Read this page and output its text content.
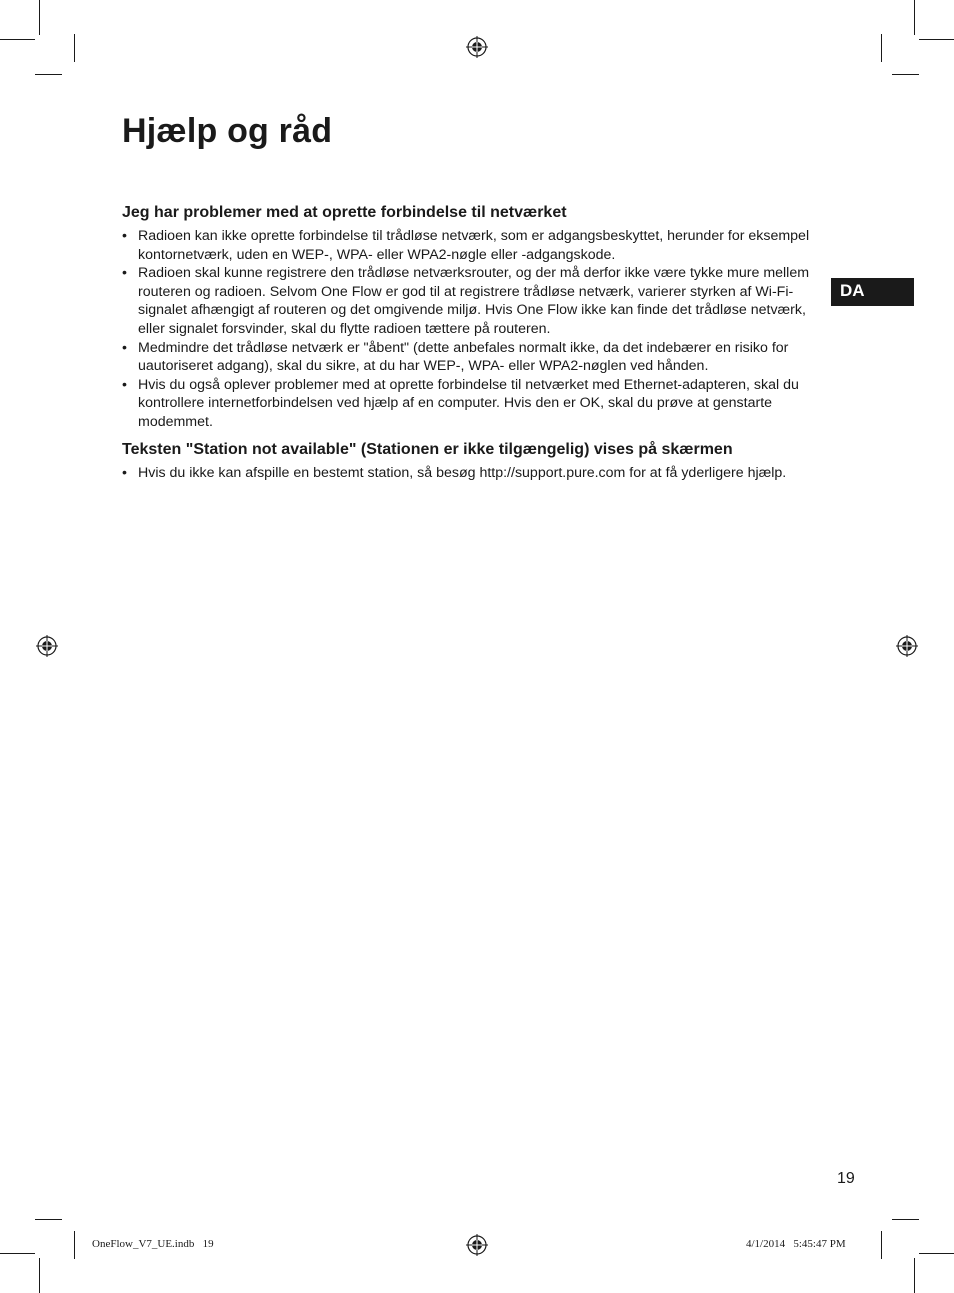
Hjælp og råd
DA
Jeg har problemer med at oprette forbindelse til netværket
• Radioen kan ikke oprette forbindelse til trådløse netværk, som er adgangsbeskyttet, herunder for eksempel kontornetværk, uden en WEP-, WPA- eller WPA2-nøgle eller -adgangskode.
• Radioen skal kunne registrere den trådløse netværksrouter, og der må derfor ikke være tykke mure mellem routeren og radioen. Selvom One Flow er god til at registrere trådløse netværk, varierer styrken af Wi-Fi-signalet afhængigt af routeren og det omgivende miljø. Hvis One Flow ikke kan finde det trådløse netværk, eller signalet forsvinder, skal du flytte radioen tættere på routeren.
• Medmindre det trådløse netværk er "åbent" (dette anbefales normalt ikke, da det indebærer en risiko for uautoriseret adgang), skal du sikre, at du har WEP-, WPA- eller WPA2-nøglen ved hånden.
• Hvis du også oplever problemer med at oprette forbindelse til netværket med Ethernet-adapteren, skal du kontrollere internetforbindelsen ved hjælp af en computer. Hvis den er OK, skal du prøve at genstarte modemmet.
Teksten "Station not available" (Stationen er ikke tilgængelig) vises på skærmen
• Hvis du ikke kan afspille en bestemt station, så besøg http://support.pure.com for at få yderligere hjælp.
19
OneFlow_V7_UE.indb   19	4/1/2014   5:45:47 PM
